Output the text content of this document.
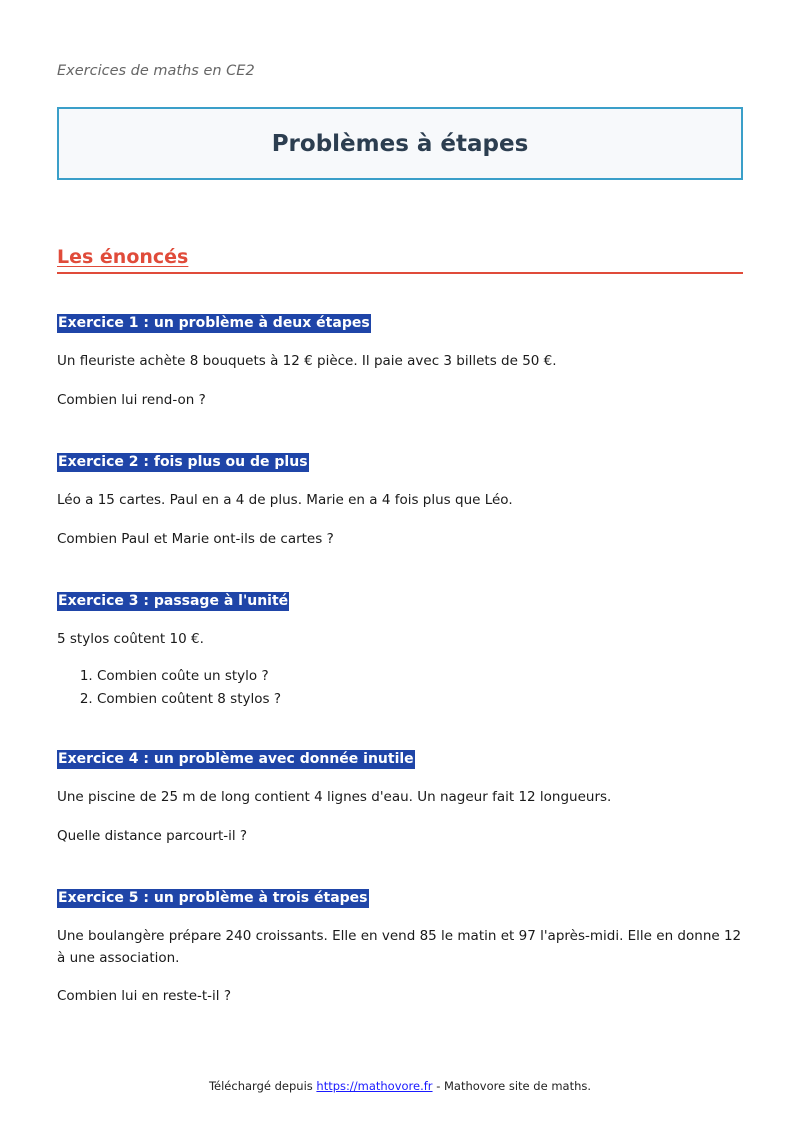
Exercices de maths en CE2

Problèmes à étapes
Les énoncés

Exercice 1 : un problème à deux étapes

Un fleuriste achète 8 bouquets à 12 € pièce. Il paie avec 3 billets de 50 €.

Combien lui rend-on ?

Exercice 2 : fois plus ou de plus

Léo a 15 cartes. Paul en a 4 de plus. Marie en a 4 fois plus que Léo.

Combien Paul et Marie ont-ils de cartes ?

Exercice 3 : passage à l'unité

5 stylos coûtent 10 €.

1. Combien coûte un stylo ?
2. Combien coûtent 8 stylos ?

Exercice 4 : un problème avec donnée inutile

Une piscine de 25 m de long contient 4 lignes d'eau. Un nageur fait 12 longueurs.

Quelle distance parcourt-il ?

Exercice 5 : un problème à trois étapes

Une boulangère prépare 240 croissants. Elle en vend 85 le matin et 97 l'après-midi. Elle en donne 12 à une association.

Combien lui en reste-t-il ?

Téléchargé depuis https://mathovore.fr - Mathovore site de maths.
